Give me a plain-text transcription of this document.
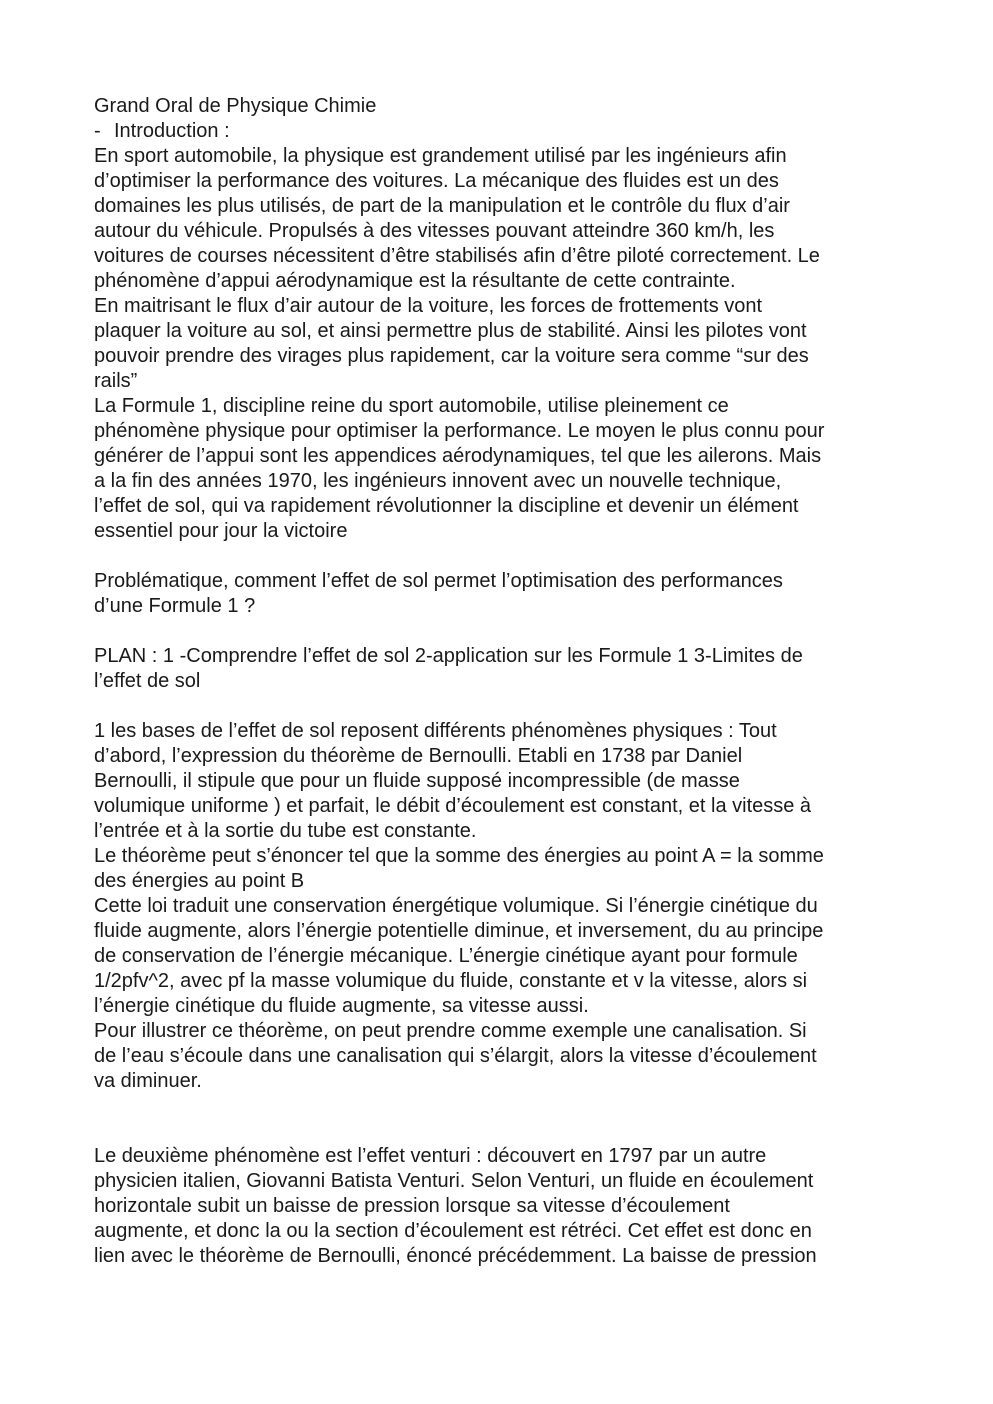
Grand Oral de Physique Chimie
- Introduction :
En sport automobile, la physique est grandement utilisé par les ingénieurs afin
d’optimiser la performance des voitures. La mécanique des fluides est un des
domaines les plus utilisés, de part de la manipulation et le contrôle du flux d’air
autour du véhicule. Propulsés à des vitesses pouvant atteindre 360 km/h, les
voitures de courses nécessitent d’être stabilisés afin d’être piloté correctement. Le
phénomène d’appui aérodynamique est la résultante de cette contrainte.
En maitrisant le flux d’air autour de la voiture, les forces de frottements vont
plaquer la voiture au sol, et ainsi permettre plus de stabilité. Ainsi les pilotes vont
pouvoir prendre des virages plus rapidement, car la voiture sera comme “sur des
rails”
La Formule 1, discipline reine du sport automobile, utilise pleinement ce
phénomène physique pour optimiser la performance. Le moyen le plus connu pour
générer de l’appui sont les appendices aérodynamiques, tel que les ailerons. Mais
a la fin des années 1970, les ingénieurs innovent avec un nouvelle technique,
l’effet de sol, qui va rapidement révolutionner la discipline et devenir un élément
essentiel pour jour la victoire
Problématique, comment l’effet de sol permet l’optimisation des performances
d’une Formule 1 ?
PLAN : 1 -Comprendre l’effet de sol 2-application sur les Formule 1 3-Limites de
l’effet de sol
1 les bases de l’effet de sol reposent différents phénomènes physiques : Tout
d’abord, l’expression du théorème de Bernoulli. Etabli en 1738 par Daniel
Bernoulli, il stipule que pour un fluide supposé incompressible (de masse
volumique uniforme ) et parfait, le débit d’écoulement est constant, et la vitesse à
l’entrée et à la sortie du tube est constante.
Le théorème peut s’énoncer tel que la somme des énergies au point A = la somme
des énergies au point B
Cette loi traduit une conservation énergétique volumique. Si l’énergie cinétique du
fluide augmente, alors l’énergie potentielle diminue, et inversement, du au principe
de conservation de l’énergie mécanique. L’énergie cinétique ayant pour formule
1/2pfv^2, avec pf la masse volumique du fluide, constante et v la vitesse, alors si
l’énergie cinétique du fluide augmente, sa vitesse aussi.
Pour illustrer ce théorème, on peut prendre comme exemple une canalisation. Si
de l’eau s’écoule dans une canalisation qui s’élargit, alors la vitesse d’écoulement
va diminuer.
Le deuxième phénomène est l’effet venturi : découvert en 1797 par un autre
physicien italien, Giovanni Batista Venturi. Selon Venturi, un fluide en écoulement
horizontale subit un baisse de pression lorsque sa vitesse d’écoulement
augmente, et donc la ou la section d’écoulement est rétréci. Cet effet est donc en
lien avec le théorème de Bernoulli, énoncé précédemment. La baisse de pression
